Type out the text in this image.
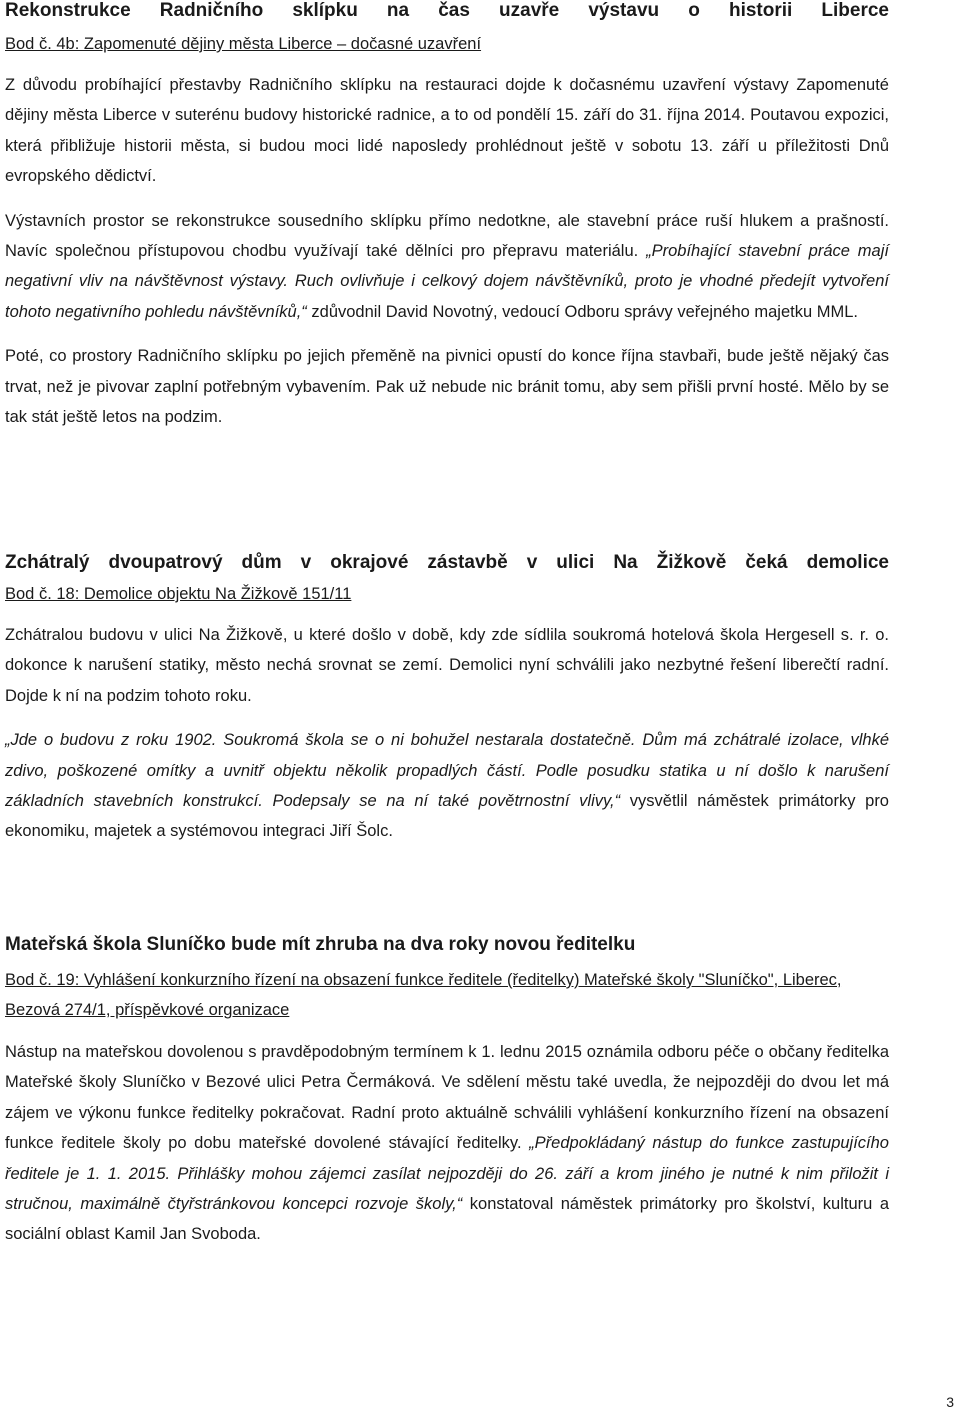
Rekonstrukce Radničního sklípku na čas uzavře výstavu o historii Liberce
Bod č. 4b: Zapomenuté dějiny města Liberce – dočasné uzavření

Z důvodu probíhající přestavby Radničního sklípku na restauraci dojde k dočasnému uzavření výstavy Zapomenuté dějiny města Liberce v suterénu budovy historické radnice, a to od pondělí 15. září do 31. října 2014. Poutavou expozici, která přibližuje historii města, si budou moci lidé naposledy prohlédnout ještě v sobotu 13. září u příležitosti Dnů evropského dědictví.

Výstavních prostor se rekonstrukce sousedního sklípku přímo nedotkne, ale stavební práce ruší hlukem a prašností. Navíc společnou přístupovou chodbu využívají také dělníci pro přepravu materiálu. „Probíhající stavební práce mají negativní vliv na návštěvnost výstavy. Ruch ovlivňuje i celkový dojem návštěvníků, proto je vhodné předejít vytvoření tohoto negativního pohledu návštěvníků,“ zdůvodnil David Novotný, vedoucí Odboru správy veřejného majetku MML.

Poté, co prostory Radničního sklípku po jejich přeměně na pivnici opustí do konce října stavbaři, bude ještě nějaký čas trvat, než je pivovar zaplní potřebným vybavením. Pak už nebude nic bránit tomu, aby sem přišli první hosté. Mělo by se tak stát ještě letos na podzim.

Zchátralý dvoupatrový dům v okrajové zástavbě v ulici Na Žižkově čeká demolice
Bod č. 18: Demolice objektu Na Žižkově 151/11

Zchátralou budovu v ulici Na Žižkově, u které došlo v době, kdy zde sídlila soukromá hotelová škola Hergesell s. r. o. dokonce k narušení statiky, město nechá srovnat se zemí. Demolici nyní schválili jako nezbytné řešení liberečtí radní. Dojde k ní na podzim tohoto roku.

„Jde o budovu z roku 1902. Soukromá škola se o ni bohužel nestarala dostatečně. Dům má zchátralé izolace, vlhké zdivo, poškozené omítky a uvnitř objektu několik propadlých částí. Podle posudku statika u ní došlo k narušení základních stavebních konstrukcí. Podepsaly se na ní také povětrnostní vlivy,“ vysvětlil náměstek primátorky pro ekonomiku, majetek a systémovou integraci Jiří Šolc.

Mateřská škola Sluníčko bude mít zhruba na dva roky novou ředitelku
Bod č. 19: Vyhlášení konkurzního řízení na obsazení funkce ředitele (ředitelky) Mateřské školy "Sluníčko", Liberec, Bezová 274/1, příspěvkové organizace

Nástup na mateřskou dovolenou s pravděpodobným termínem k 1. lednu 2015 oznámila odboru péče o občany ředitelka Mateřské školy Sluníčko v Bezové ulici Petra Čermáková. Ve sdělení městu také uvedla, že nejpozději do dvou let má zájem ve výkonu funkce ředitelky pokračovat. Radní proto aktuálně schválili vyhlášení konkurzního řízení na obsazení funkce ředitele školy po dobu mateřské dovolené stávající ředitelky. „Předpokládaný nástup do funkce zastupujícího ředitele je 1. 1. 2015. Přihlášky mohou zájemci zasílat nejpozději do 26. září a krom jiného je nutné k nim přiložit i stručnou, maximálně čtyřstránkovou koncepci rozvoje školy,“ konstatoval náměstek primátorky pro školství, kulturu a sociální oblast Kamil Jan Svoboda.

3
